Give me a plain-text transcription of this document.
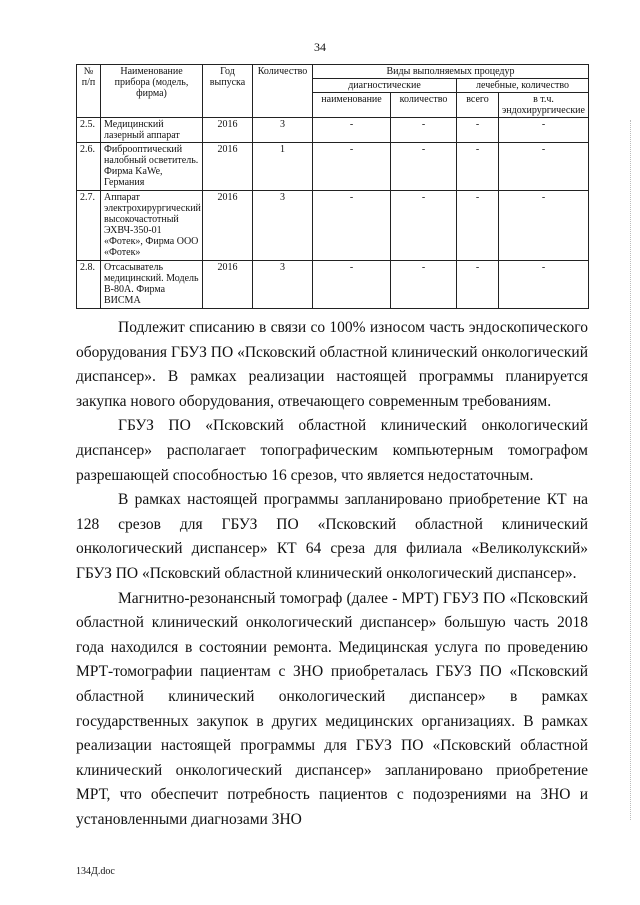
34
№ п/п	Наименование прибора (модель, фирма)	Год выпуска	Количество	Виды выполняемых процедур			
				диагностические		лечебные, количество	
				наименование	количество	всего	в т.ч. эндохирургические
2.5.	Медицинский лазерный аппарат	2016	3	-	-	-	-
2.6.	Фиброоптический налобный осветитель. Фирма KaWe, Германия	2016	1	-	-	-	-
2.7.	Аппарат электрохирургический высокочастотный ЭХВЧ-350-01 «Фотек», Фирма ООО «Фотек»	2016	3	-	-	-	-
2.8.	Отсасыватель медицинский. Модель В-80А. Фирма ВИСМА	2016	3	-	-	-	-

Подлежит списанию в связи со 100% износом часть эндоскопического оборудования ГБУЗ ПО «Псковский областной клинический онкологический диспансер». В рамках реализации настоящей программы планируется закупка нового оборудования, отвечающего современным требованиям.

ГБУЗ ПО «Псковский областной клинический онкологический диспансер» располагает топографическим компьютерным томографом разрешающей способностью 16 срезов, что является недостаточным.

В рамках настоящей программы запланировано приобретение КТ на 128 срезов для ГБУЗ ПО «Псковский областной клинический онкологический диспансер» КТ 64 среза для филиала «Великолукский» ГБУЗ ПО «Псковский областной клинический онкологический диспансер».

Магнитно-резонансный томограф (далее - МРТ) ГБУЗ ПО «Псковский областной клинический онкологический диспансер» большую часть 2018 года находился в состоянии ремонта. Медицинская услуга по проведению МРТ-томографии пациентам с ЗНО приобреталась ГБУЗ ПО «Псковский областной клинический онкологический диспансер» в рамках государственных закупок в других медицинских организациях. В рамках реализации настоящей программы для ГБУЗ ПО «Псковский областной клинический онкологический диспансер» запланировано приобретение МРТ, что обеспечит потребность пациентов с подозрениями на ЗНО и установленными диагнозами ЗНО

134Д.doc
